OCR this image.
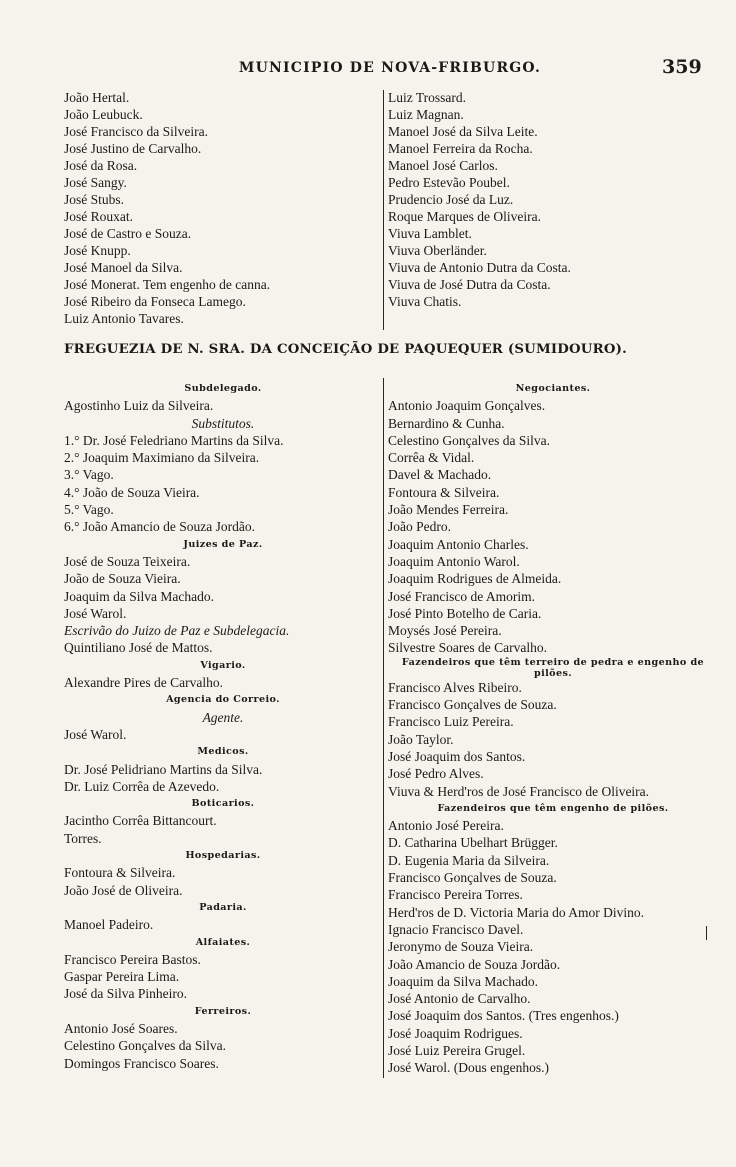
MUNICIPIO DE NOVA-FRIBURGO.	359
João Hertal.
João Leubuck.
José Francisco da Silveira.
José Justino de Carvalho.
José da Rosa.
José Sangy.
José Stubs.
José Rouxat.
José de Castro e Souza.
José Knupp.
José Manoel da Silva.
José Monerat. Tem engenho de canna.
José Ribeiro da Fonseca Lamego.
Luiz Antonio Tavares.
Luiz Trossard.
Luiz Magnan.
Manoel José da Silva Leite.
Manoel Ferreira da Rocha.
Manoel José Carlos.
Pedro Estevão Poubel.
Prudencio José da Luz.
Roque Marques de Oliveira.
Viuva Lamblet.
Viuva Oberländer.
Viuva de Antonio Dutra da Costa.
Viuva de José Dutra da Costa.
Viuva Chatis.
FREGUEZIA DE N. SRA. DA CONCEIÇÃO DE PAQUEQUER (SUMIDOURO).
Subdelegado.
Agostinho Luiz da Silveira.
Substitutos.
1.° Dr. José Feledriano Martins da Silva.
2.° Joaquim Maximiano da Silveira.
3.° Vago.
4.° João de Souza Vieira.
5.° Vago.
6.° João Amancio de Souza Jordão.
Juizes de Paz.
José de Souza Teixeira.
João de Souza Vieira.
Joaquim da Silva Machado.
José Warol.
Escrivão do Juizo de Paz e Subdelegacia.
Quintiliano José de Mattos.
Vigario.
Alexandre Pires de Carvalho.
Agencia do Correio.
Agente.
José Warol.
Medicos.
Dr. José Pelidriano Martins da Silva.
Dr. Luiz Corrêa de Azevedo.
Boticarios.
Jacintho Corrêa Bittancourt.
Torres.
Hospedarias.
Fontoura & Silveira.
João José de Oliveira.
Padaria.
Manoel Padeiro.
Alfaiates.
Francisco Pereira Bastos.
Gaspar Pereira Lima.
José da Silva Pinheiro.
Ferreiros.
Antonio José Soares.
Celestino Gonçalves da Silva.
Domingos Francisco Soares.
Negociantes.
Antonio Joaquim Gonçalves.
Bernardino & Cunha.
Celestino Gonçalves da Silva.
Corrêa & Vidal.
Davel & Machado.
Fontoura & Silveira.
João Mendes Ferreira.
João Pedro.
Joaquim Antonio Charles.
Joaquim Antonio Warol.
Joaquim Rodrigues de Almeida.
José Francisco de Amorim.
José Pinto Botelho de Caria.
Moysés José Pereira.
Silvestre Soares de Carvalho.
Fazendeiros que têm terreiro de pedra e engenho de pilões.
Francisco Alves Ribeiro.
Francisco Gonçalves de Souza.
Francisco Luiz Pereira.
João Taylor.
José Joaquim dos Santos.
José Pedro Alves.
Viuva & Herd'ros de José Francisco de Oliveira.
Fazendeiros que têm engenho de pilões.
Antonio José Pereira.
D. Catharina Ubelhart Brügger.
D. Eugenia Maria da Silveira.
Francisco Gonçalves de Souza.
Francisco Pereira Torres.
Herd'ros de D. Victoria Maria do Amor Divino.
Ignacio Francisco Davel.
Jeronymo de Souza Vieira.
João Amancio de Souza Jordão.
Joaquim da Silva Machado.
José Antonio de Carvalho.
José Joaquim dos Santos. (Tres engenhos.)
José Joaquim Rodrigues.
José Luiz Pereira Grugel.
José Warol. (Dous engenhos.)
